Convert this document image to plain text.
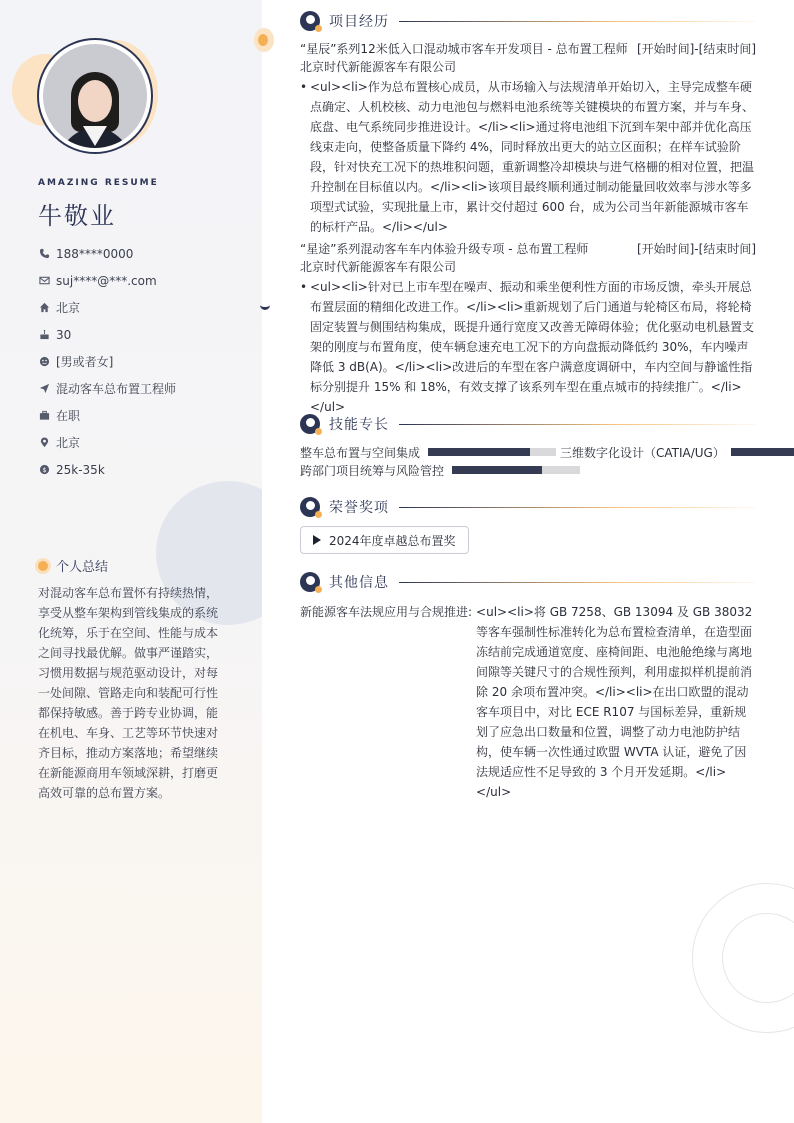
AMAZING RESUME
牛敬业
188****0000
suj****@***.com
北京
30
[男或者女]
混动客车总布置工程师
在职
北京
$ 25k-35k
个人总结
对混动客车总布置怀有持续热情，享受从整车架构到管线集成的系统化统筹，乐于在空间、性能与成本之间寻找最优解。做事严谨踏实，习惯用数据与规范驱动设计，对每一处间隙、管路走向和装配可行性都保持敏感。善于跨专业协调，能在机电、车身、工艺等环节快速对齐目标，推动方案落地；希望继续在新能源商用车领域深耕，打磨更高效可靠的总布置方案。
项目经历
“星辰”系列12米低入口混动城市客车开发项目 - 总布置工程师 [开始时间]-[结束时间]
北京时代新能源客车有限公司
• <ul><li>作为总布置核心成员，从市场输入与法规清单开始切入，主导完成整车硬点确定、人机校核、动力电池包与燃料电池系统等关键模块的布置方案，并与车身、底盘、电气系统同步推进设计。</li><li>通过将电池组下沉到车架中部并优化高压线束走向，使整备质量下降约 4%，同时释放出更大的站立区面积；在样车试验阶段，针对快充工况下的热堆积问题，重新调整冷却模块与进气格栅的相对位置，把温升控制在目标值以内。</li><li>该项目最终顺利通过制动能量回收效率与涉水等多项型式试验，实现批量上市，累计交付超过 600 台，成为公司当年新能源城市客车的标杆产品。</li></ul>
“星途”系列混动客车车内体验升级专项 - 总布置工程师	[开始时间]-[结束时间]
北京时代新能源客车有限公司
• <ul><li>针对已上市车型在噪声、振动和乘坐便利性方面的市场反馈，牵头开展总布置层面的精细化改进工作。</li><li>重新规划了后门通道与轮椅区布局，将轮椅固定装置与侧围结构集成，既提升通行宽度又改善无障碍体验；优化驱动电机悬置支架的刚度与布置角度，使车辆怠速充电工况下的方向盘振动降低约 30%，车内噪声降低 3 dB(A)。</li><li>改进后的车型在客户满意度调研中，车内空间与静谧性指标分别提升 15% 和 18%，有效支撑了该系列车型在重点城市的持续推广。</li></ul>
技能专长
整车总布置与空间集成	三维数字化设计（CATIA/UG）
跨部门项目统筹与风险管控
荣誉奖项
2024年度卓越总布置奖
其他信息
新能源客车法规应用与合规推进: <ul><li>将 GB 7258、GB 13094 及 GB 38032 等客车强制性标准转化为总布置检查清单，在造型面冻结前完成通道宽度、座椅间距、电池舱绝缘与离地间隙等关键尺寸的合规性预判，利用虚拟样机提前消除 20 余项布置冲突。</li><li>在出口欧盟的混动客车项目中，对比 ECE R107 与国标差异，重新规划了应急出口数量和位置，调整了动力电池防护结构，使车辆一次性通过欧盟 WVTA 认证，避免了因法规适应性不足导致的 3 个月开发延期。</li></ul>
